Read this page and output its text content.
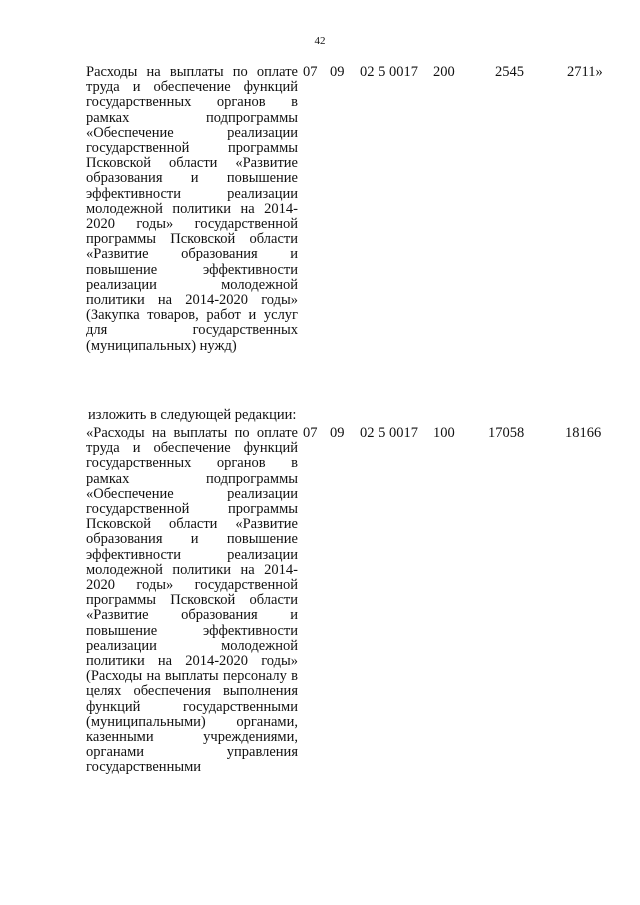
42
Расходы на выплаты по оплате труда и обеспечение функций государственных органов в рамках подпрограммы «Обеспечение реализации государственной программы Псковской области «Развитие образования и повышение эффективности реализации молодежной политики на 2014-2020 годы» государственной программы Псковской области «Развитие образования и повышение эффективности реализации молодежной политики на 2014-2020 годы» (Закупка товаров, работ и услуг для государственных (муниципальных) нужд)
07 09 02 5 0017 200	2545	2711»
изложить в следующей редакции:
«Расходы на выплаты по оплате труда и обеспечение функций государственных органов в рамках подпрограммы «Обеспечение реализации государственной программы Псковской области «Развитие образования и повышение эффективности реализации молодежной политики на 2014-2020 годы» государственной программы Псковской области «Развитие образования и повышение эффективности реализации молодежной политики на 2014-2020 годы» (Расходы на выплаты персоналу в целях обеспечения выполнения функций государственными (муниципальными) органами, казенными учреждениями, органами управления государственными
07 09 02 5 0017 100 17058	18166
